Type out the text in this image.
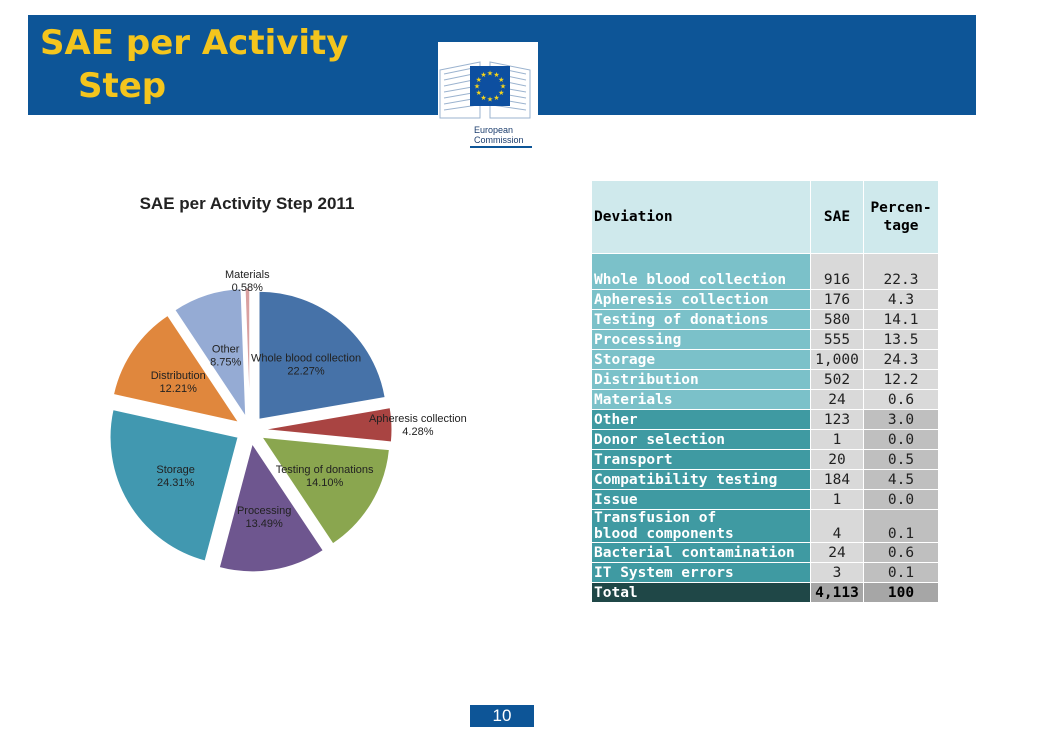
SAE per Activity
Step	★ ★
★
★
★
★
★
★
★
★
★
★
European
Commission
SAE per Activity Step 2011
Whole blood collection
22.27%
Apheresis collection
4.28%
Testing of donations
14.10%
Processing
13.49%
Storage
24.31%
Distribution
12.21%
Other
8.75%
Materials
0.58%
Deviation	SAE	Percen-
tage
Whole blood collection	916	22.3
Apheresis collection	176	4.3
Testing of donations	580	14.1
Processing	555	13.5
Storage	1,000	24.3
Distribution	502	12.2
Materials	24	0.6
Other	123	3.0
Donor selection	1	0.0
Transport	20	0.5
Compatibility testing	184	4.5
Issue	1	0.0
Transfusion of
blood components	4	0.1
Bacterial contamination	24	0.6
IT System errors	3	0.1
Total	4,113	100
10
